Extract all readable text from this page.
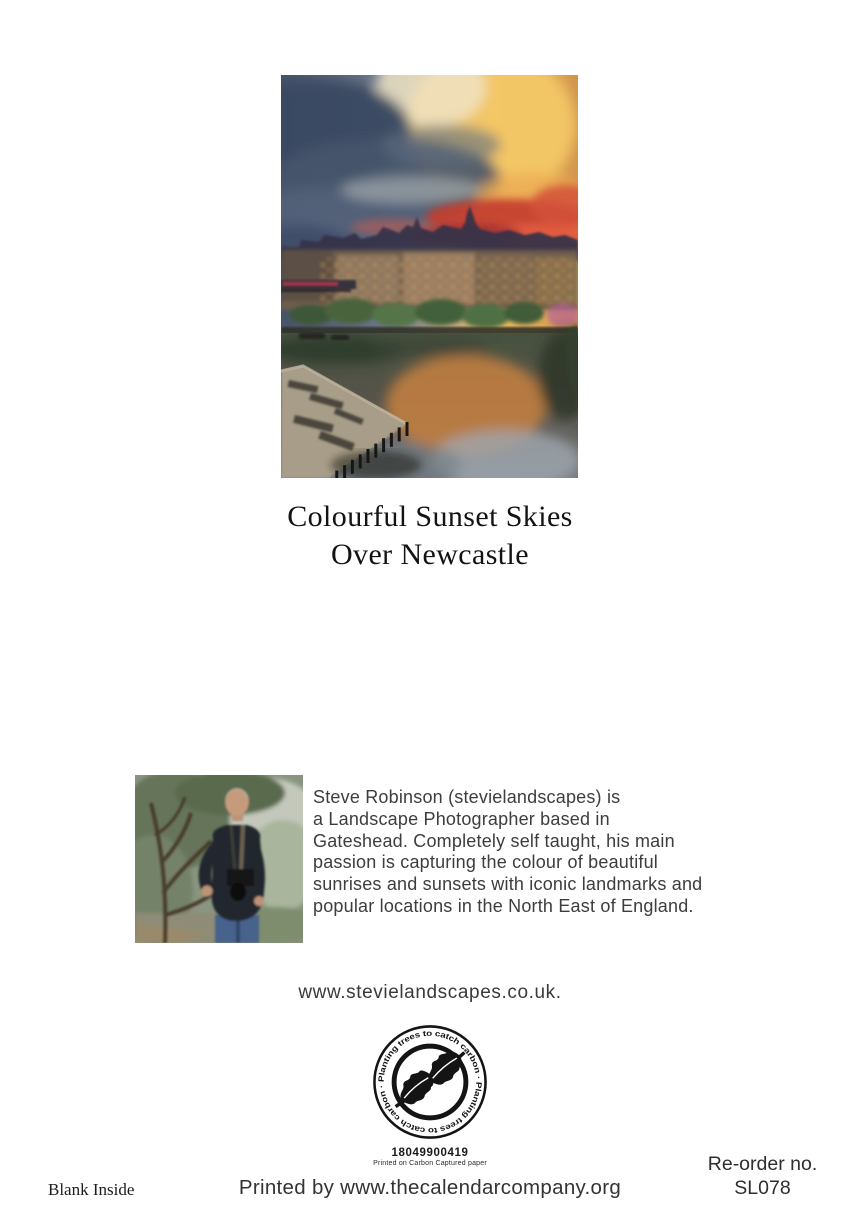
Colourful Sunset Skies
Over Newcastle
Steve Robinson (stevielandscapes) is
a Landscape Photographer based in
Gateshead. Completely self taught, his main
passion is capturing the colour of beautiful
sunrises and sunsets with iconic landmarks and
popular locations in the North East of England.
www.stevielandscapes.co.uk.
Planting trees to catch carbon · Planting trees to catch carbon ·
18049900419
Printed on Carbon Captured paper
Blank Inside	Printed by www.thecalendarcompany.org
Re-order no.
SL078
